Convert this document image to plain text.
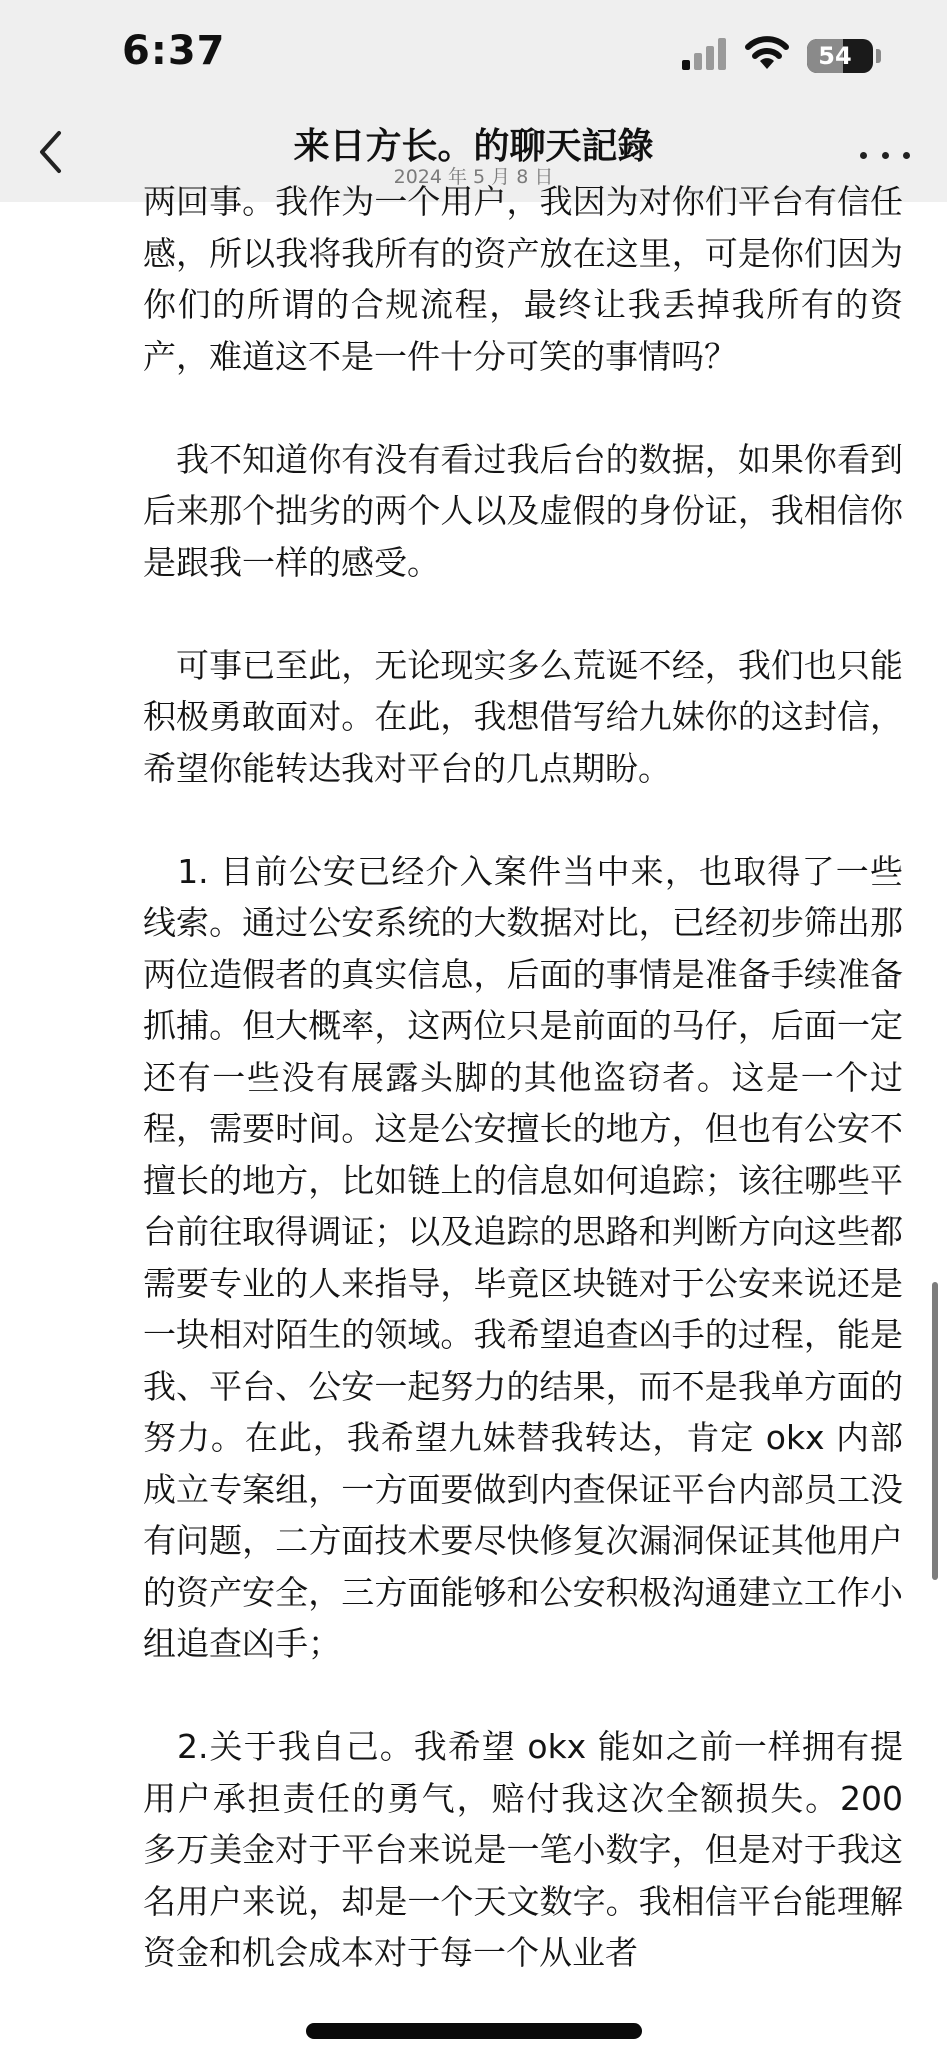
6:37	54
来日方长。的聊天記錄
2024 年 5 月 8 日

两回事。我作为一个用户，我因为对你们平台有信任感，所以我将我所有的资产放在这里，可是你们因为你们的所谓的合规流程，最终让我丢掉我所有的资产，难道这不是一件十分可笑的事情吗？

　我不知道你有没有看过我后台的数据，如果你看到后来那个拙劣的两个人以及虚假的身份证，我相信你是跟我一样的感受。

　可事已至此，无论现实多么荒诞不经，我们也只能积极勇敢面对。在此，我想借写给九妹你的这封信，希望你能转达我对平台的几点期盼。

　1. 目前公安已经介入案件当中来，也取得了一些线索。通过公安系统的大数据对比，已经初步筛出那两位造假者的真实信息，后面的事情是准备手续准备抓捕。但大概率，这两位只是前面的马仔，后面一定还有一些没有展露头脚的其他盗窃者。这是一个过程，需要时间。这是公安擅长的地方，但也有公安不擅长的地方，比如链上的信息如何追踪；该往哪些平台前往取得调证；以及追踪的思路和判断方向这些都需要专业的人来指导，毕竟区块链对于公安来说还是一块相对陌生的领域。我希望追查凶手的过程，能是我、平台、公安一起努力的结果，而不是我单方面的努力。在此，我希望九妹替我转达，肯定 okx 内部成立专案组，一方面要做到内查保证平台内部员工没有问题，二方面技术要尽快修复次漏洞保证其他用户的资产安全，三方面能够和公安积极沟通建立工作小组追查凶手；

　2.关于我自己。我希望 okx 能如之前一样拥有提用户承担责任的勇气，赔付我这次全额损失。200 多万美金对于平台来说是一笔小数字，但是对于我这名用户来说，却是一个天文数字。我相信平台能理解资金和机会成本对于每一个从业者
